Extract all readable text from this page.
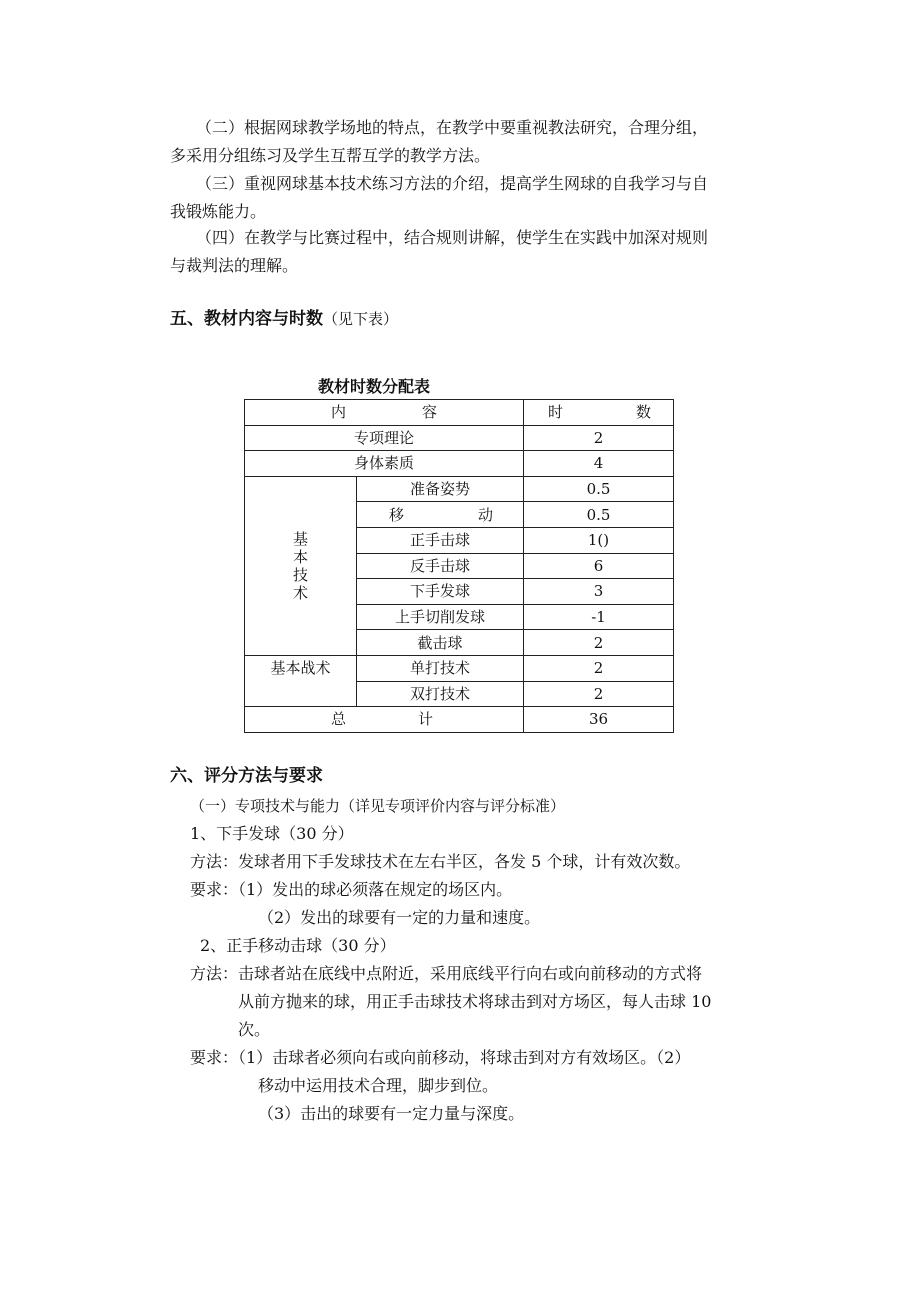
（二）根据网球教学场地的特点，在教学中要重视教法研究，合理分组，
多采用分组练习及学生互帮互学的教学方法。
（三）重视网球基本技术练习方法的介绍，提高学生网球的自我学习与自
我锻炼能力。
（四）在教学与比赛过程中，结合规则讲解，使学生在实践中加深对规则
与裁判法的理解。
五、教材内容与时数（见下表）
教材时数分配表
内 容		时 数

专项理论		2
身体素质		4
基本技术	准备姿势	0.5

	移 动	0.5
	正手击球	1()
	反手击球	6
	下手发球	3
	上手切削发球	-1
	截击球	2
基本战术	单打技术	2
	双打技术	2

总 计		36
六、评分方法与要求
（一）专项技术与能力（详见专项评价内容与评分标准）
1、下手发球（30 分）
方法：发球者用下手发球技术在左右半区，各发 5 个球，计有效次数。
要求：（1）发出的球必须落在规定的场区内。
（2）发出的球要有一定的力量和速度。
2、正手移动击球（30 分）
方法：击球者站在底线中点附近，采用底线平行向右或向前移动的方式将
从前方抛来的球，用正手击球技术将球击到对方场区，每人击球 10
次。
要求：（1）击球者必须向右或向前移动，将球击到对方有效场区。（2）
移动中运用技术合理，脚步到位。
（3）击出的球要有一定力量与深度。
